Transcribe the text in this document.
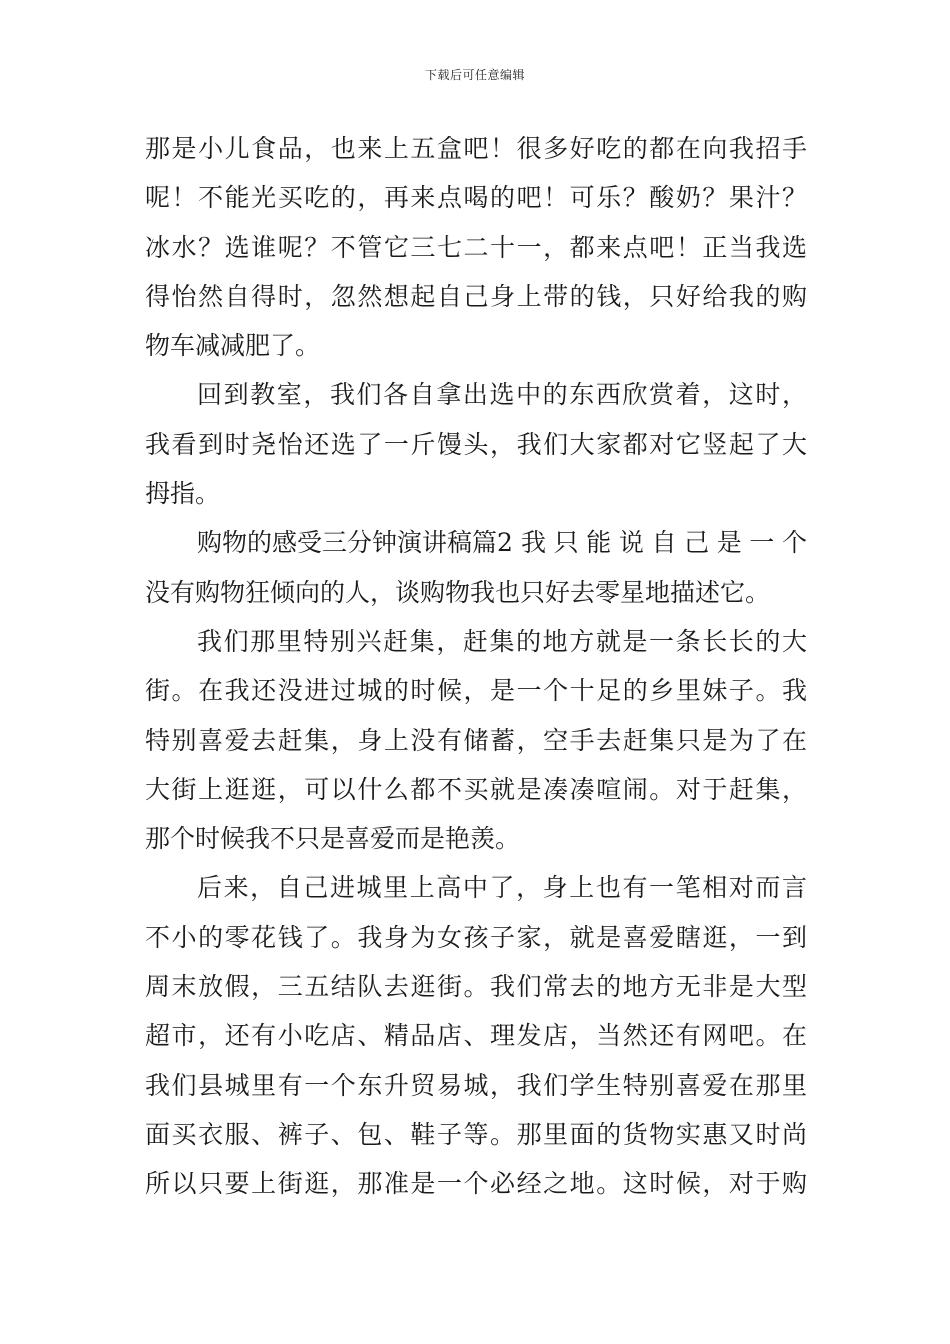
下载后可任意编辑
那是小儿食品，也来上五盒吧！很多好吃的都在向我招手
呢！不能光买吃的，再来点喝的吧！可乐？酸奶？果汁？
冰水？选谁呢？不管它三七二十一，都来点吧！正当我选
得怡然自得时，忽然想起自己身上带的钱，只好给我的购
物车减减肥了。
回到教室，我们各自拿出选中的东西欣赏着，这时，
我看到时尧怡还选了一斤馒头，我们大家都对它竖起了大
拇指。
购物的感受三分钟演讲稿篇2 我只能说自己是一个
没有购物狂倾向的人，谈购物我也只好去零星地描述它。
我们那里特别兴赶集，赶集的地方就是一条长长的大
街。在我还没进过城的时候，是一个十足的乡里妹子。我
特别喜爱去赶集，身上没有储蓄，空手去赶集只是为了在
大街上逛逛，可以什么都不买就是凑凑喧闹。对于赶集，
那个时候我不只是喜爱而是艳羡。
后来，自己进城里上高中了，身上也有一笔相对而言
不小的零花钱了。我身为女孩子家，就是喜爱瞎逛，一到
周末放假，三五结队去逛街。我们常去的地方无非是大型
超市，还有小吃店、精品店、理发店，当然还有网吧。在
我们县城里有一个东升贸易城，我们学生特别喜爱在那里
面买衣服、裤子、包、鞋子等。那里面的货物实惠又时尚
所以只要上街逛，那准是一个必经之地。这时候，对于购
